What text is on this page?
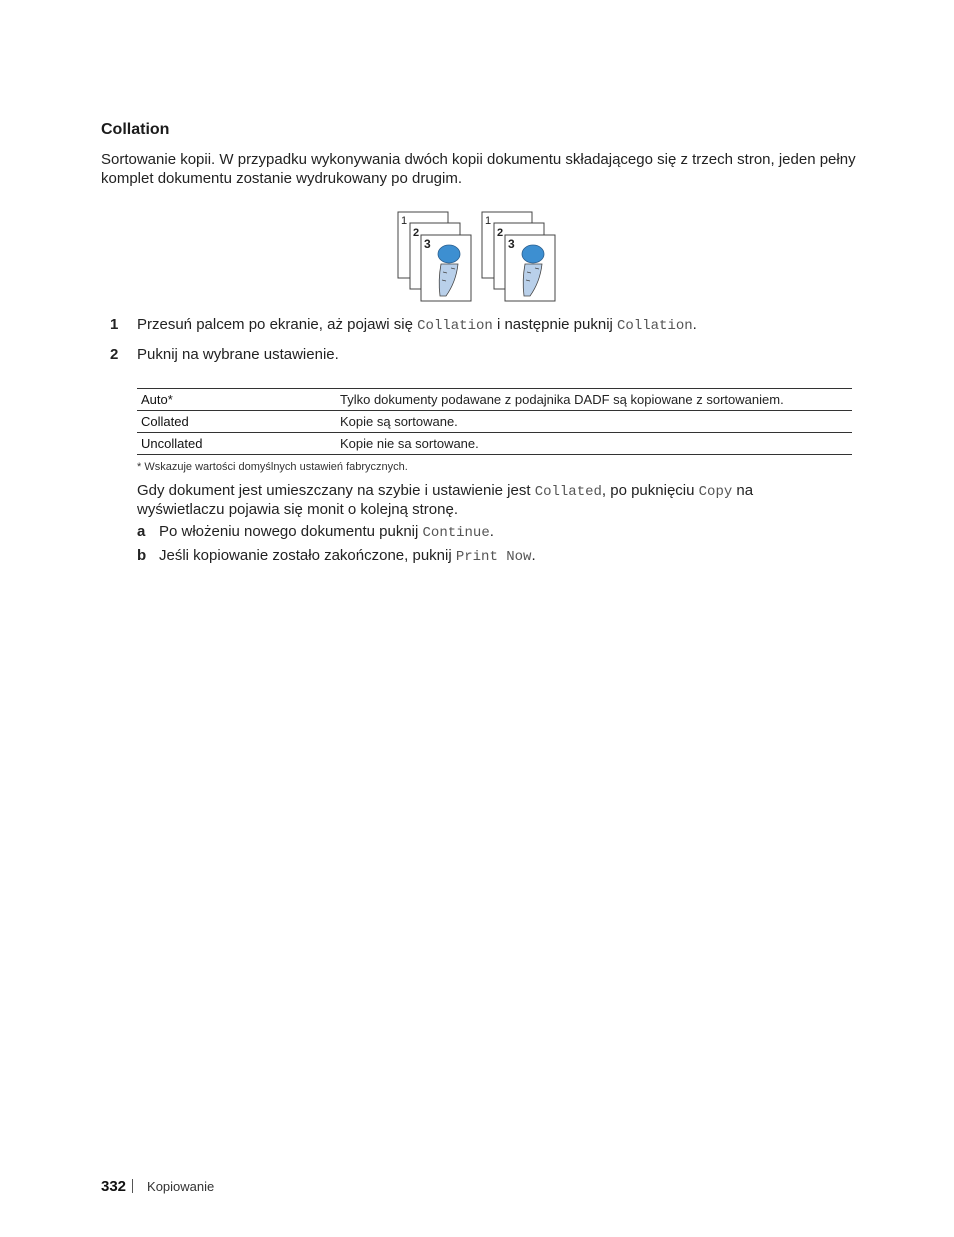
Collation
Sortowanie kopii. W przypadku wykonywania dwóch kopii dokumentu składającego się z trzech stron, jeden pełny komplet dokumentu zostanie wydrukowany po drugim.
1
2
3
1
2
3
1 Przesuń palcem po ekranie, aż pojawi się Collation i następnie puknij Collation.
2 Puknij na wybrane ustawienie.
Auto*	Tylko dokumenty podawane z podajnika DADF są kopiowane z sortowaniem.
Collated	Kopie są sortowane.
Uncollated	Kopie nie sa sortowane.
* Wskazuje wartości domyślnych ustawień fabrycznych.
Gdy dokument jest umieszczany na szybie i ustawienie jest Collated, po puknięciu Copy na wyświetlaczu pojawia się monit o kolejną stronę.
a Po włożeniu nowego dokumentu puknij Continue.
b Jeśli kopiowanie zostało zakończone, puknij Print Now.
332 Kopiowanie
